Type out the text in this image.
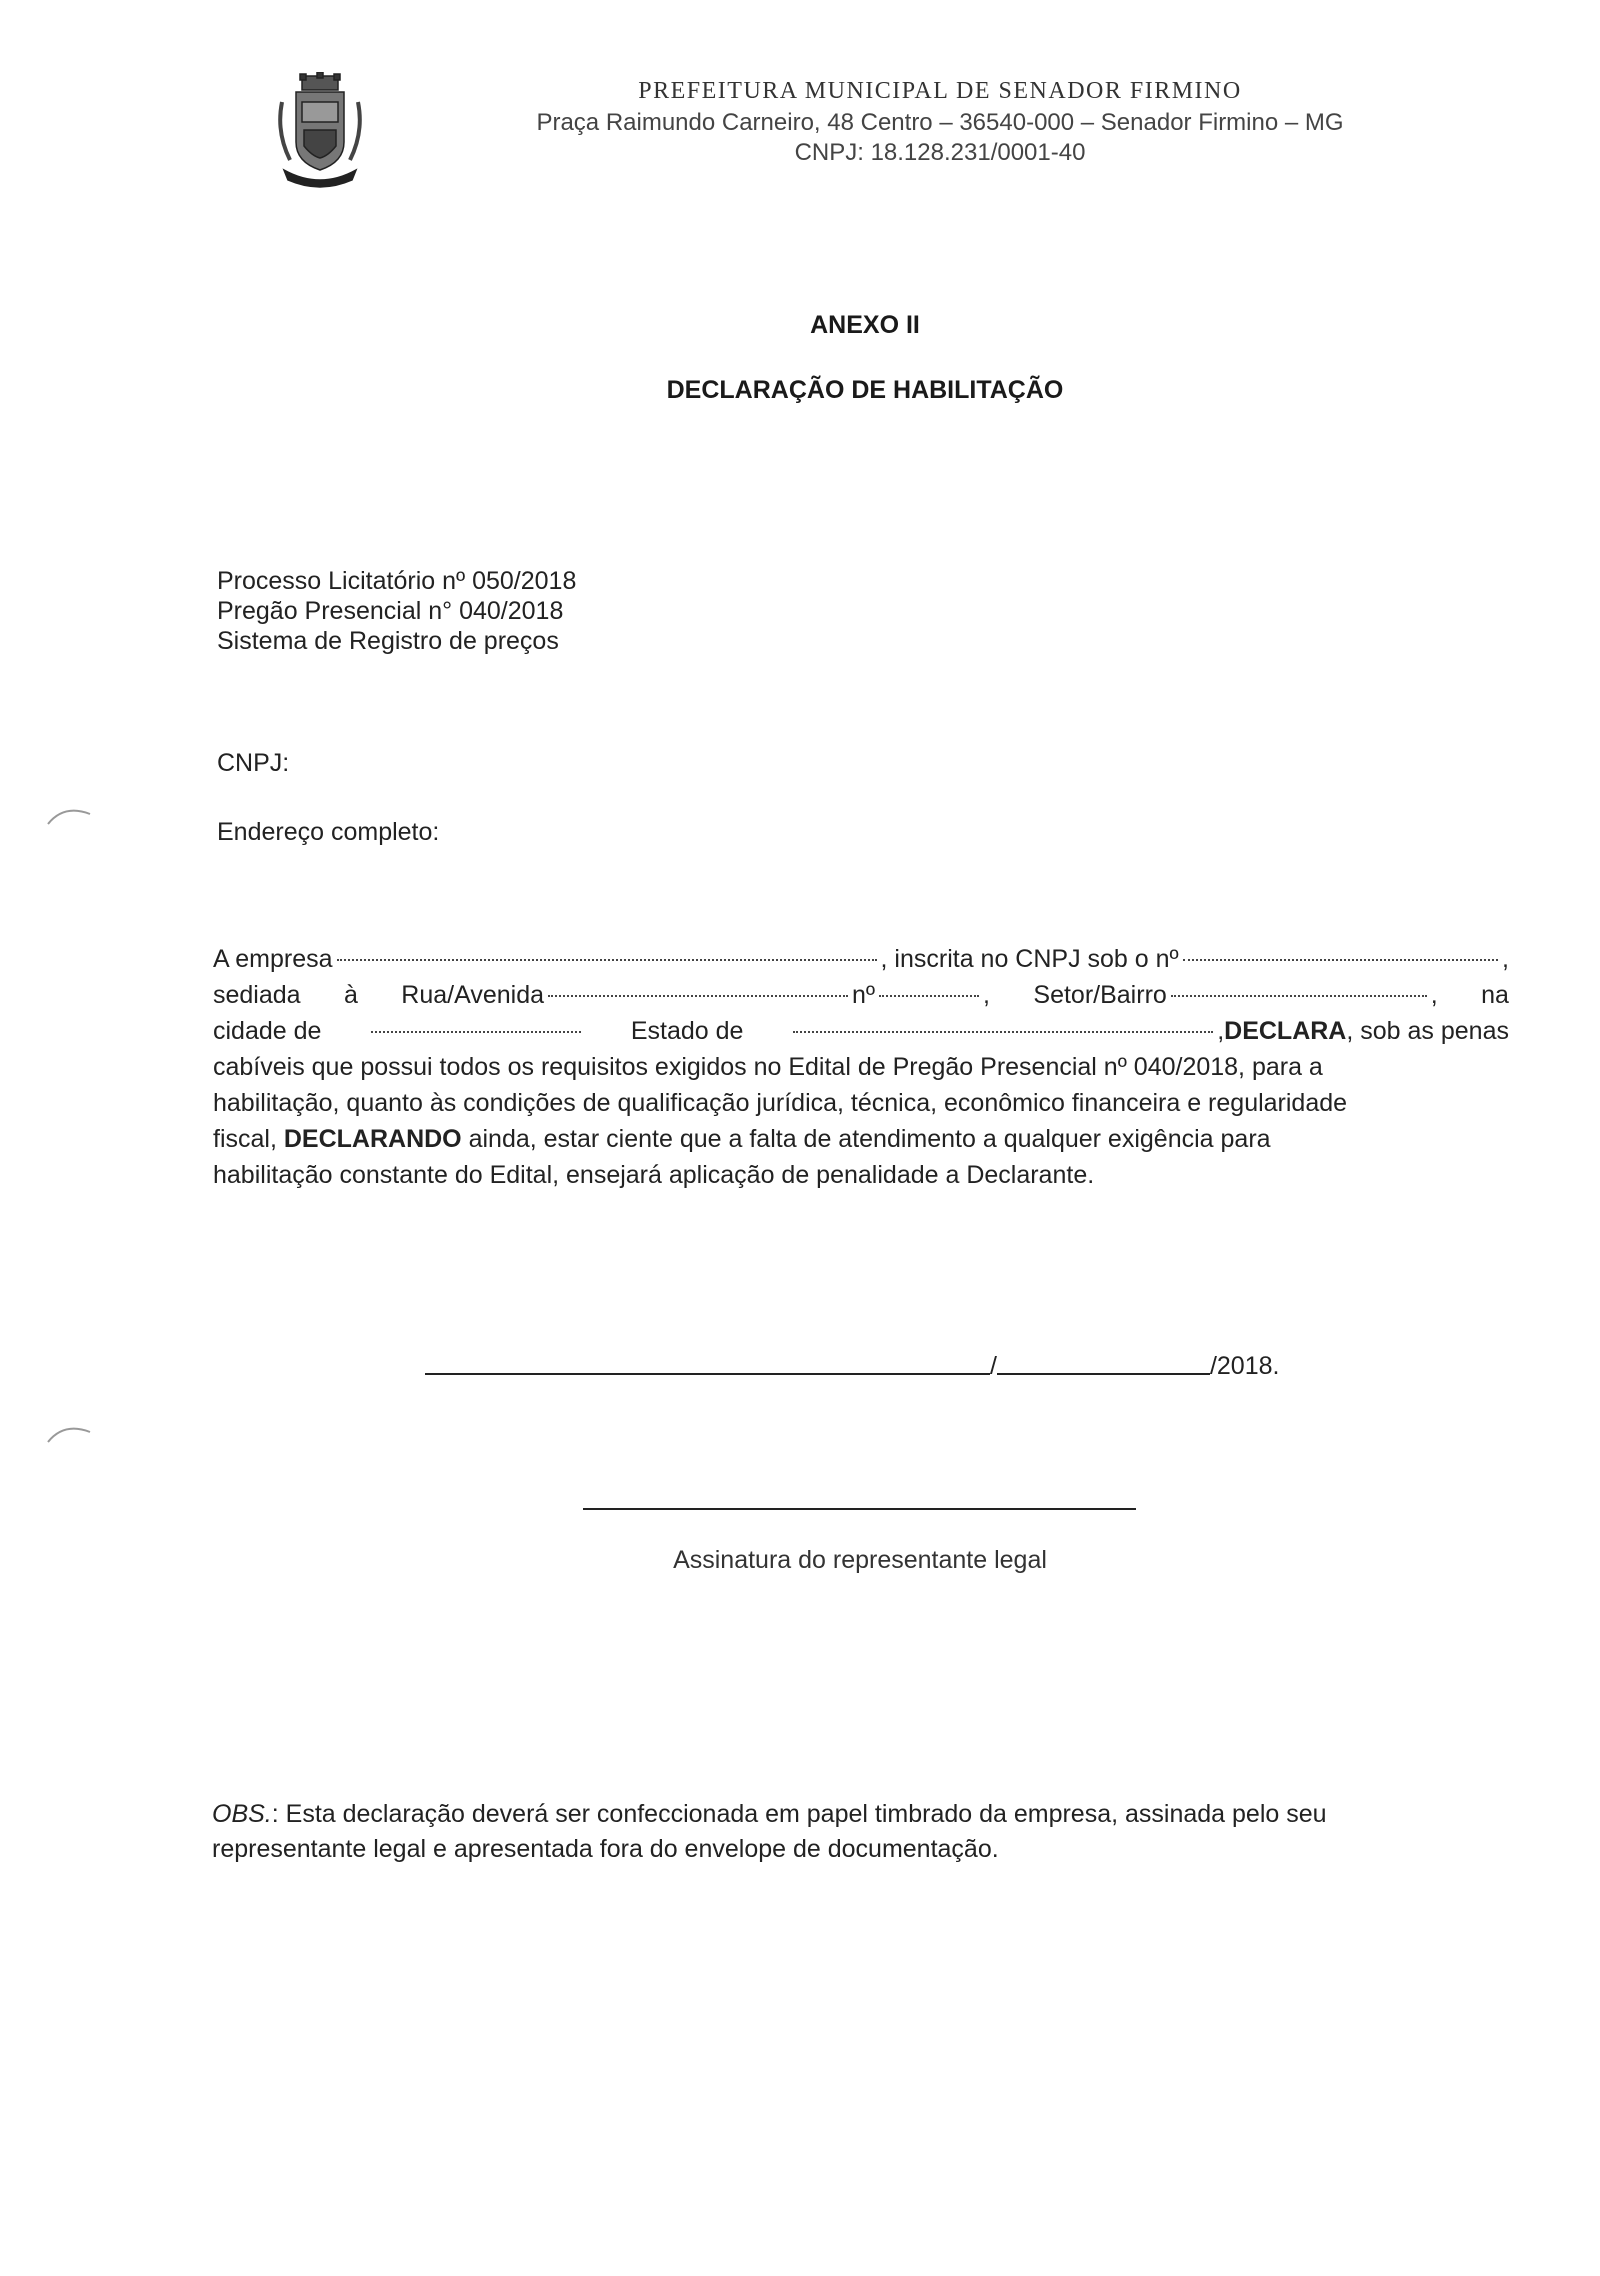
PREFEITURA MUNICIPAL DE SENADOR FIRMINO
Praça Raimundo Carneiro, 48 Centro – 36540-000 – Senador Firmino – MG
CNPJ: 18.128.231/0001-40
ANEXO II
DECLARAÇÃO DE HABILITAÇÃO
Processo Licitatório nº 050/2018
Pregão Presencial n° 040/2018
Sistema de Registro de preços
CNPJ:
Endereço completo:
A empresa	, inscrita no CNPJ sob o nº	,
sediada à Rua/Avenida	nº	, Setor/Bairro	, na
cidade de	Estado de	, DECLARA , sob as penas
cabíveis que possui todos os requisitos exigidos no Edital de Pregão Presencial nº 040/2018, para a
habilitação, quanto às condições de qualificação jurídica, técnica, econômico financeira e regularidade
fiscal, DECLARANDO ainda, estar ciente que a falta de atendimento a qualquer exigência para
habilitação constante do Edital, ensejará aplicação de penalidade a Declarante.
/	/2018.
Assinatura do representante legal
OBS.: Esta declaração deverá ser confeccionada em papel timbrado da empresa, assinada pelo seu
representante legal e apresentada fora do envelope de documentação.
